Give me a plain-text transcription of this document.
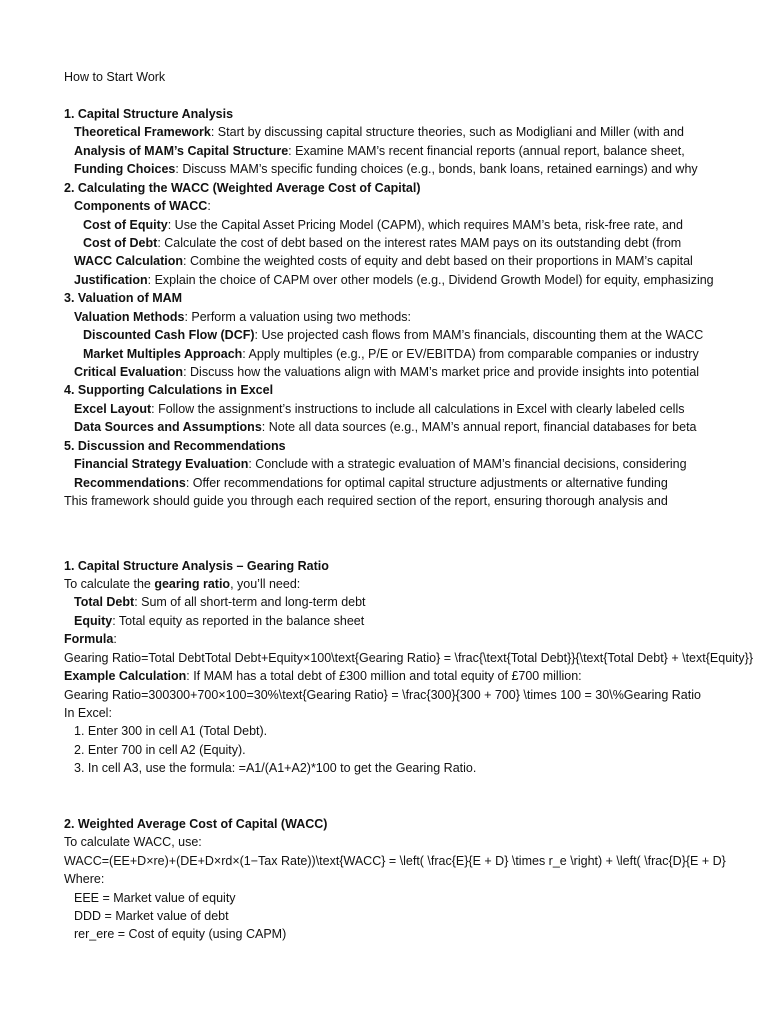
How to Start Work
1. Capital Structure Analysis
Theoretical Framework: Start by discussing capital structure theories, such as Modigliani and Miller (with and
Analysis of MAM’s Capital Structure: Examine MAM’s recent financial reports (annual report, balance sheet,
Funding Choices: Discuss MAM’s specific funding choices (e.g., bonds, bank loans, retained earnings) and why
2. Calculating the WACC (Weighted Average Cost of Capital)
Components of WACC:
Cost of Equity: Use the Capital Asset Pricing Model (CAPM), which requires MAM’s beta, risk-free rate, and
Cost of Debt: Calculate the cost of debt based on the interest rates MAM pays on its outstanding debt (from
WACC Calculation: Combine the weighted costs of equity and debt based on their proportions in MAM’s capital
Justification: Explain the choice of CAPM over other models (e.g., Dividend Growth Model) for equity, emphasizing
3. Valuation of MAM
Valuation Methods: Perform a valuation using two methods:
Discounted Cash Flow (DCF): Use projected cash flows from MAM’s financials, discounting them at the WACC
Market Multiples Approach: Apply multiples (e.g., P/E or EV/EBITDA) from comparable companies or industry
Critical Evaluation: Discuss how the valuations align with MAM’s market price and provide insights into potential
4. Supporting Calculations in Excel
Excel Layout: Follow the assignment’s instructions to include all calculations in Excel with clearly labeled cells
Data Sources and Assumptions: Note all data sources (e.g., MAM’s annual report, financial databases for beta
5. Discussion and Recommendations
Financial Strategy Evaluation: Conclude with a strategic evaluation of MAM’s financial decisions, considering
Recommendations: Offer recommendations for optimal capital structure adjustments or alternative funding
This framework should guide you through each required section of the report, ensuring thorough analysis and
1. Capital Structure Analysis – Gearing Ratio
To calculate the gearing ratio, you’ll need:
Total Debt: Sum of all short-term and long-term debt
Equity: Total equity as reported in the balance sheet
Formula:
Gearing Ratio=Total DebtTotal Debt+Equity×100\text{Gearing Ratio} = \frac{\text{Total Debt}}{\text{Total Debt} + \text{Equity}}
Example Calculation: If MAM has a total debt of £300 million and total equity of £700 million:
Gearing Ratio=300300+700×100=30%\text{Gearing Ratio} = \frac{300}{300 + 700} \times 100 = 30\%Gearing Ratio
In Excel:
1. Enter 300 in cell A1 (Total Debt).
2. Enter 700 in cell A2 (Equity).
3. In cell A3, use the formula: =A1/(A1+A2)*100 to get the Gearing Ratio.
2. Weighted Average Cost of Capital (WACC)
To calculate WACC, use:
WACC=(EE+D×re)+(DE+D×rd×(1−Tax Rate))\text{WACC} = \left( \frac{E}{E + D} \times r_e \right) + \left( \frac{D}{E + D}
Where:
EEE = Market value of equity
DDD = Market value of debt
rer_ere = Cost of equity (using CAPM)
